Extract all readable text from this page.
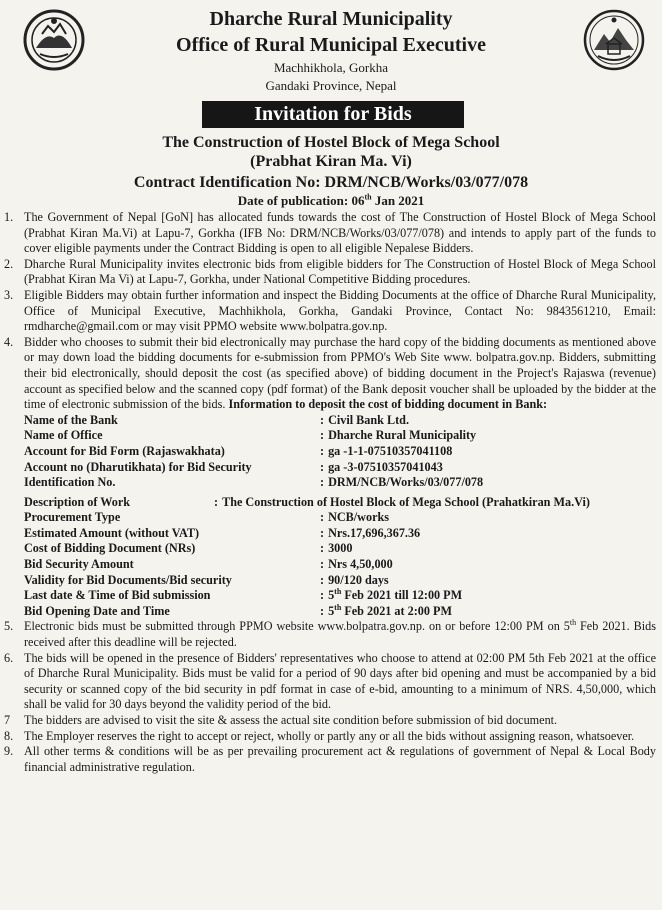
Dharche Rural Municipality
Office of Rural Municipal Executive
Machhikhola, Gorkha
Gandaki Province, Nepal
Invitation for Bids
The Construction of Hostel Block of Mega School
(Prabhat Kiran Ma. Vi)
Contract Identification No: DRM/NCB/Works/03/077/078
Date of publication: 06th Jan 2021
1. The Government of Nepal [GoN] has allocated funds towards the cost of The Construction of Hostel Block of Mega School (Prabhat Kiran Ma.Vi) at Lapu-7, Gorkha (IFB No: DRM/NCB/Works/03/077/078) and intends to apply part of the funds to cover eligible payments under the Contract Bidding is open to all eligible Nepalese Bidders.
2. Dharche Rural Municipality invites electronic bids from eligible bidders for The Construction of Hostel Block of Mega School (Prabhat Kiran Ma Vi) at Lapu-7, Gorkha, under National Competitive Bidding procedures.
3. Eligible Bidders may obtain further information and inspect the Bidding Documents at the office of Dharche Rural Municipality, Office of Municipal Executive, Machhikhola, Gorkha, Gandaki Province, Contact No: 9843561210, Email: rmdharche@gmail.com or may visit PPMO website www.bolpatra.gov.np.
4. Bidder who chooses to submit their bid electronically may purchase the hard copy of the bidding documents as mentioned above or may down load the bidding documents for e-submission from PPMO's Web Site www. bolpatra.gov.np. Bidders, submitting their bid electronically, should deposit the cost (as specified above) of bidding document in the Project's Rajaswa (revenue) account as specified below and the scanned copy (pdf format) of the Bank deposit voucher shall be uploaded by the bidder at the time of electronic submission of the bids. Information to deposit the cost of bidding document in Bank:
Name of the Bank	: Civil Bank Ltd.
Name of Office	: Dharche Rural Municipality
Account for Bid Form (Rajaswakhata)	: ga -1-1-07510357041108
Account no (Dharutikhata) for Bid Security	: ga -3-07510357041043
Identification No.	: DRM/NCB/Works/03/077/078
Description of Work	: The Construction of Hostel Block of Mega School (Prahatkiran Ma.Vi)
Procurement Type	: NCB/works
Estimated Amount (without VAT)	: Nrs.17,696,367.36
Cost of Bidding Document (NRs)	: 3000
Bid Security Amount	: Nrs 4,50,000
Validity for Bid Documents/Bid security	: 90/120 days
Last date & Time of Bid submission	: 5th Feb 2021 till 12:00 PM
Bid Opening Date and Time	: 5th Feb 2021 at 2:00 PM
5. Electronic bids must be submitted through PPMO website www.bolpatra.gov.np. on or before 12:00 PM on 5th Feb 2021. Bids received after this deadline will be rejected.
6. The bids will be opened in the presence of Bidders' representatives who choose to attend at 02:00 PM 5th Feb 2021 at the office of Dharche Rural Municipality. Bids must be valid for a period of 90 days after bid opening and must be accompanied by a bid security or scanned copy of the bid security in pdf format in case of e-bid, amounting to a minimum of NRS. 4,50,000, which shall be valid for 30 days beyond the validity period of the bid.
7	The bidders are advised to visit the site & assess the actual site condition before submission of bid document.
8. The Employer reserves the right to accept or reject, wholly or partly any or all the bids without assigning reason, whatsoever.
9. All other terms & conditions will be as per prevailing procurement act & regulations of government of Nepal & Local Body financial administrative regulation.
